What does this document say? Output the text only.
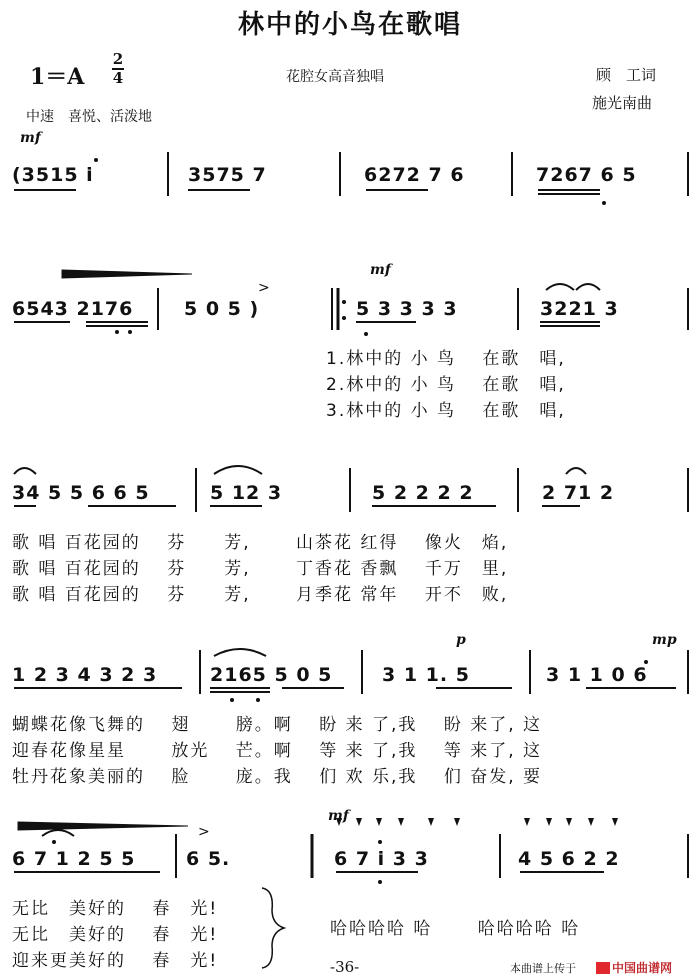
林中的小鸟在歌唱
1＝A
2
4	花腔女高音独唱	顾　工词
施光南曲
中速　喜悦、活泼地
mf
(3515 i	3575 7	6272 7 6	7267 6 5
mf
>
6543 2176	5 0 5 )	5 3 3 3 3	3221 3
1.林中的 小 鸟　 在歌　唱,
2.林中的 小 鸟　 在歌　唱,
3.林中的 小 鸟　 在歌　唱,
34 5 5 6 6 5	5 12 3	5 2 2 2 2	2 71 2
歌 唱 百花园的　 芬　　芳,　　 山茶花 红得　 像火　焰,
歌 唱 百花园的　 芬　　芳,　　 丁香花 香飘　 千万　里,
歌 唱 百花园的　 芬　　芳,　　 月季花 常年　 开不　败,
p	mp
1 2 3 4 3 2 3	2165 5 0 5	3 1 1. 5	3 1 1 0 6
蝴蝶花像飞舞的　 翅　　 膀。啊　 盼 来 了,我　 盼 来了, 这
迎春花像星星　　 放光　 芒。啊　 等 来 了,我　 等 来了, 这
牡丹花象美丽的　 脸　　 庞。我　 们 欢 乐,我　 们 奋发, 要
mf
>
6 7 1 2 5 5	6 5.	6 7 i 3 3	4 5 6 2 2
无比　美好的　 春　光!
无比　美好的　 春　光!
迎来更美好的　 春　光!
哈哈哈哈 哈　　 哈哈哈哈 哈
-36-	本曲谱上传于	中国曲谱网
